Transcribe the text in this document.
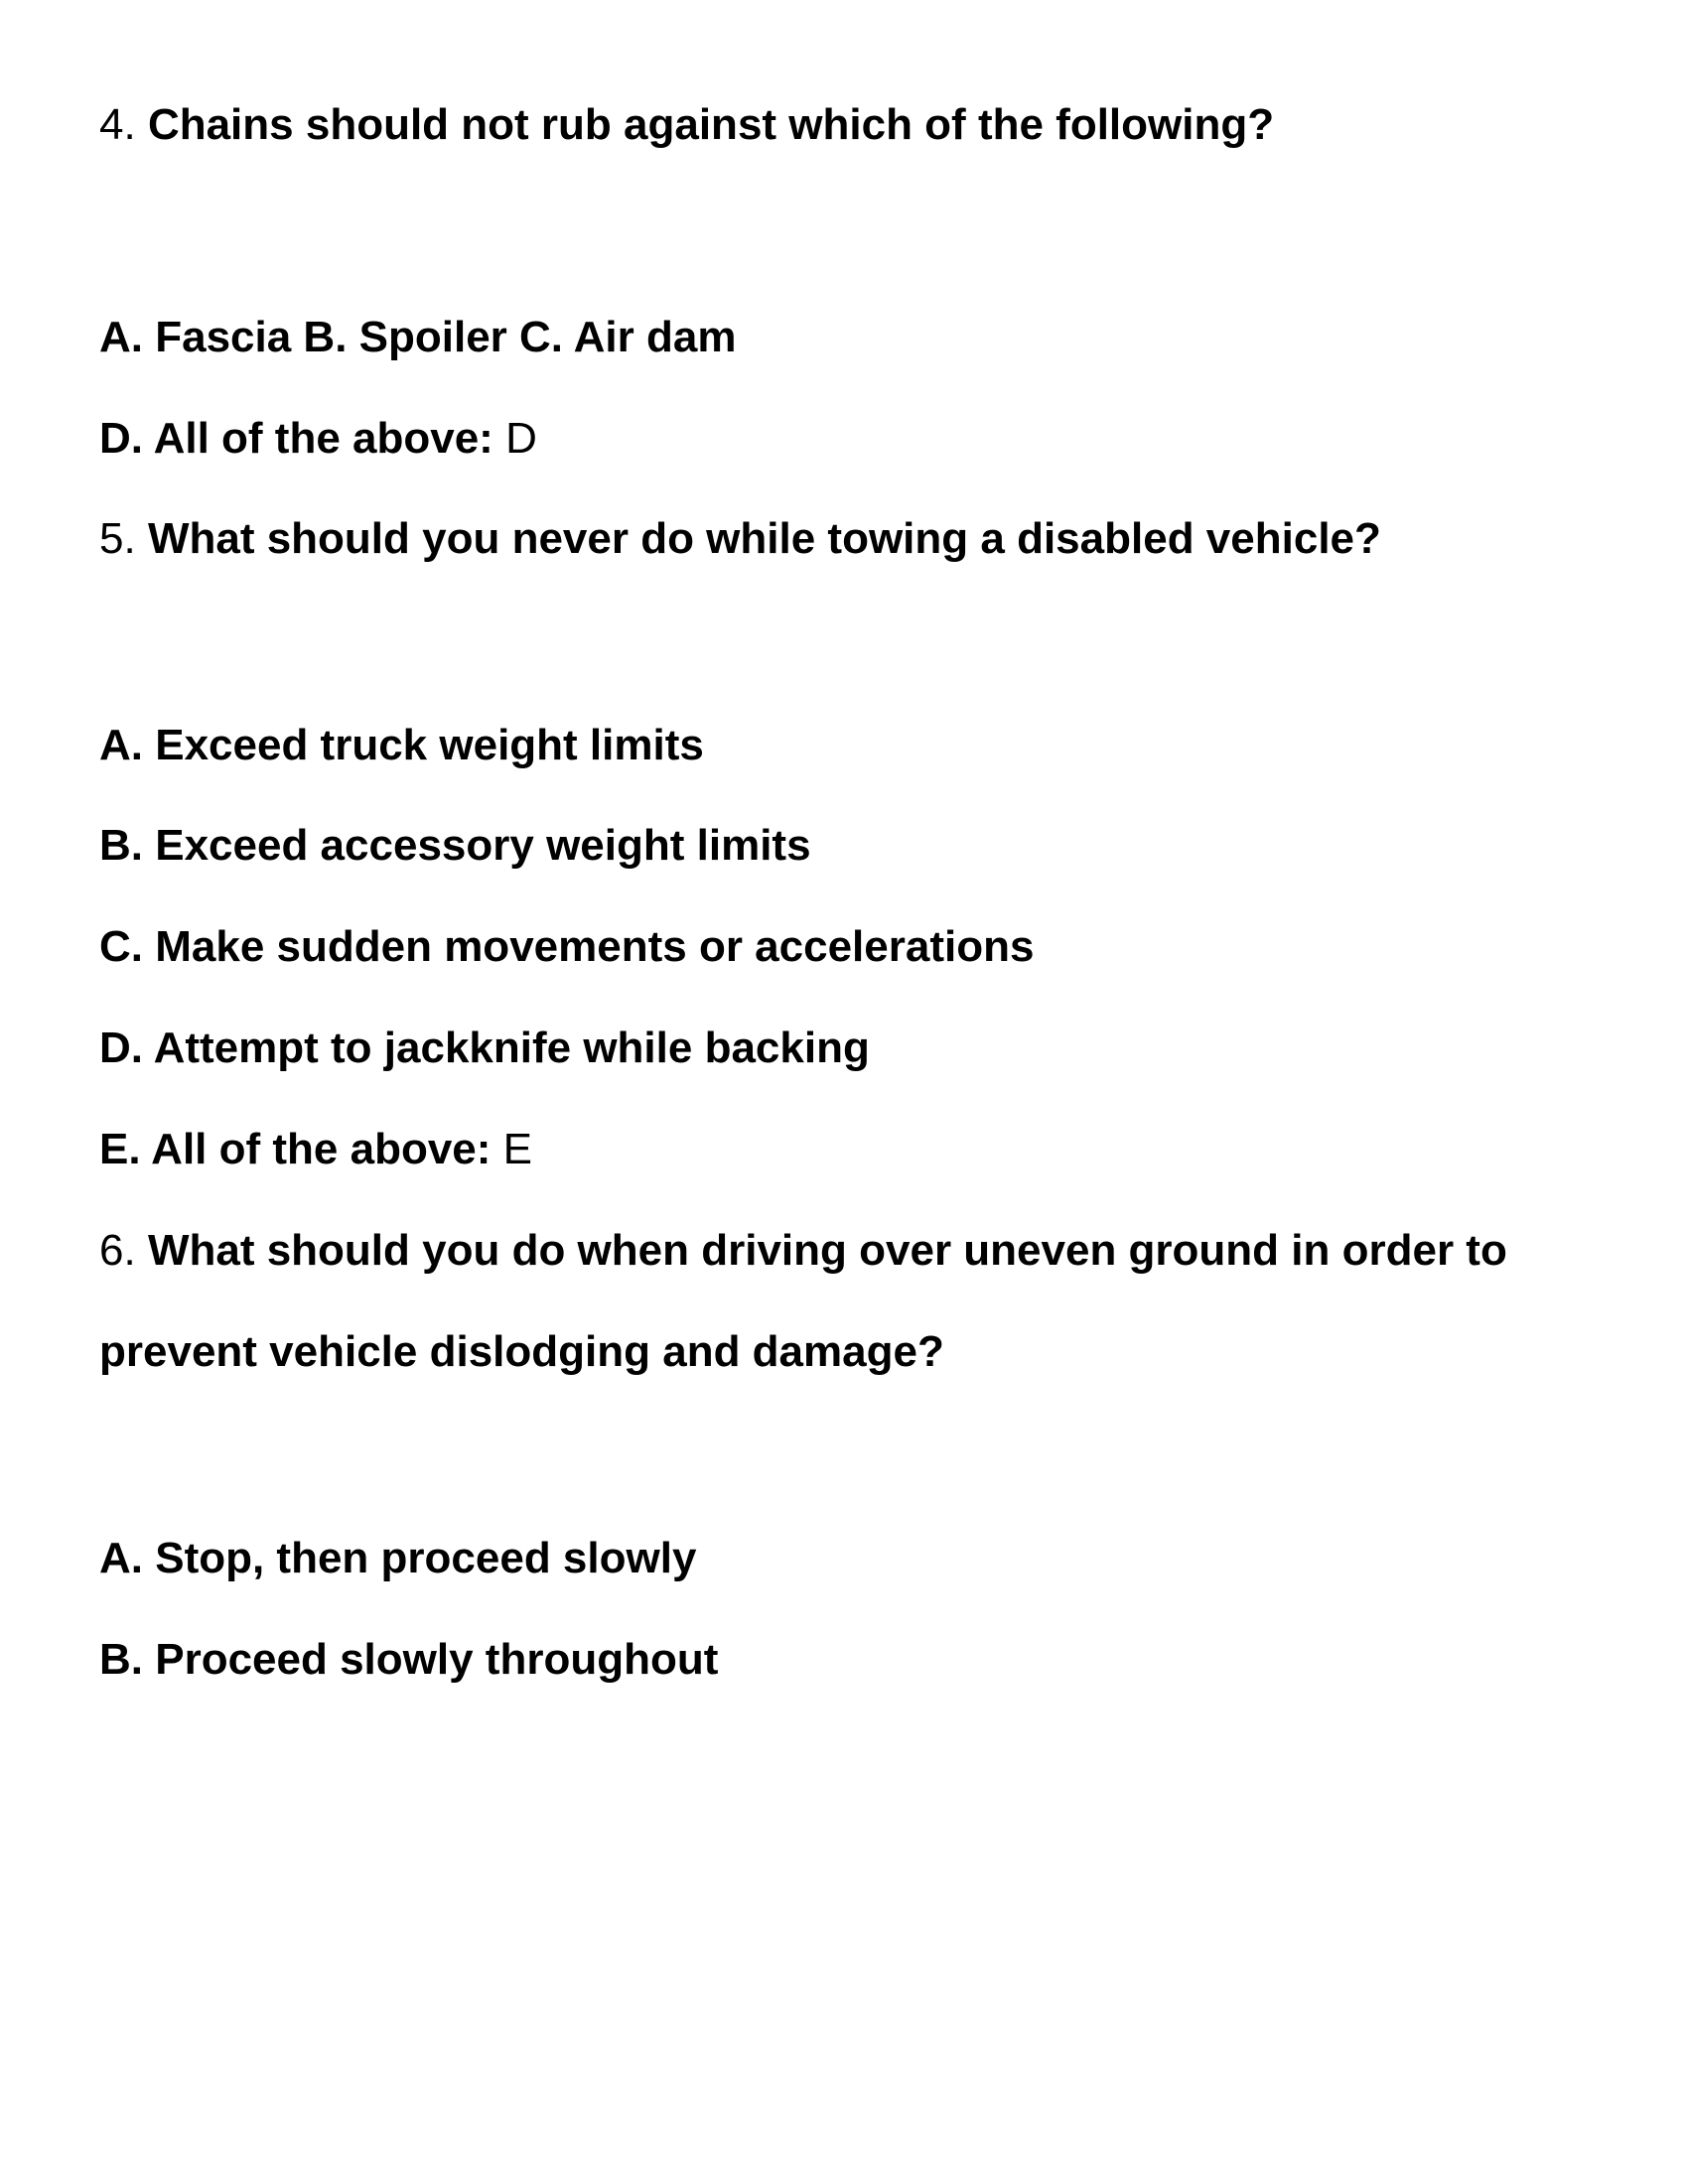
4. Chains should not rub against which of the following?
A. Fascia B. Spoiler C. Air dam
D. All of the above: D
5. What should you never do while towing a disabled vehicle?
A. Exceed truck weight limits
B. Exceed accessory weight limits
C. Make sudden movements or accelerations
D. Attempt to jackknife while backing
E. All of the above: E
6. What should you do when driving over uneven ground in order to
prevent vehicle dislodging and damage?
A. Stop, then proceed slowly
B. Proceed slowly throughout
